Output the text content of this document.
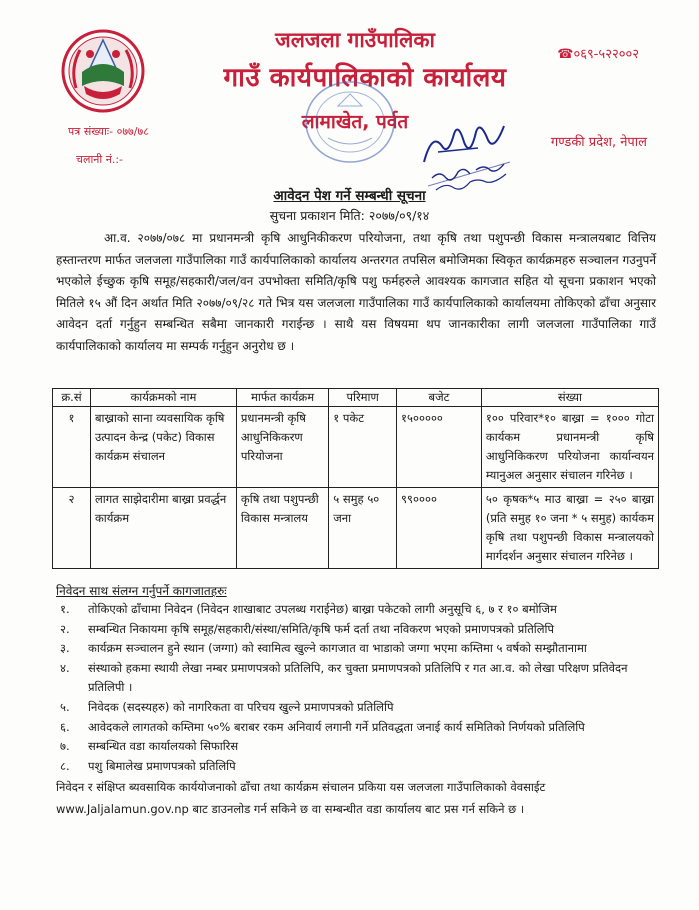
जलजला गाउँपालिका
गाउँ कार्यपालिकाको कार्यालय
लामाखेत, पर्वत
☎०६९-५२२००२
गण्डकी प्रदेश, नेपाल
पत्र संख्याः- ०७७/७८
चलानी नं.:-
आवेदन पेश गर्ने सम्बन्धी सूचना
सुचना प्रकाशन मिति: २०७७/०९/१४
आ.व. २०७७/०७८ मा प्रधानमन्त्री कृषि आधुनिकीकरण परियोजना, तथा कृषि तथा पशुपन्छी विकास मन्त्रालयबाट वित्तिय हस्तान्तरण मार्फत जलजला गाउँपालिका गाउँ कार्यपालिकाको कार्यालय अन्तरगत तपसिल बमोजिमका स्विकृत कार्यक्रमहरु सञ्चालन गउनुपर्ने भएकोले ईच्छुक कृषि समूह/सहकारी/जल/वन उपभोक्ता समिति/कृषि पशु फर्महरुले आवश्यक कागजात सहित यो सूचना प्रकाशन भएको मितिले १५ औं दिन अर्थात मिति २०७७/०९/२८ गते भित्र यस जलजला गाउँपालिका गाउँ कार्यपालिकाको कार्यालयमा तोकिएको ढाँचा अनुसार आवेदन दर्ता गर्नुहुन सम्बन्धित सबैमा जानकारी गराईन्छ । साथै यस विषयमा थप जानकारीका लागी जलजला गाउँपालिका गाउँ कार्यपालिकाको कार्यालय मा सम्पर्क गर्नुहुन अनुरोध छ ।
क्र.सं	कार्यक्रमको नाम	मार्फत कार्यक्रम	परिमाण	बजेट	संख्या
१	बाख्राको साना व्यवसायिक कृषि उत्पादन केन्द्र (पकेट) विकास कार्यक्रम संचालन	प्रधानमन्त्री कृषि आधुनिकिकरण परियोजना	१ पकेट	१५०००००	१०० परिवार*१० बाख्रा = १००० गोटा कार्यकम प्रधानमन्त्री कृषि आधुनिकिकरण परियोजना कार्यान्वयन म्यानुअल अनुसार संचालन गरिनेछ ।
२	लागत साझेदारीमा बाख्रा प्रवर्द्धन कार्यक्रम	कृषि तथा पशुपन्छी विकास मन्त्रालय	५ समुह ५० जना	९९००००	५० कृषक*५ माउ बाख्रा = २५० बाख्रा (प्रति समुह १० जना * ५ समुह) कार्यकम कृषि तथा पशुपन्छी विकास मन्त्रालयको मार्गदर्शन अनुसार संचालन गरिनेछ ।
निवेदन साथ संलग्न गर्नुपर्ने कागजातहरुः
१.	तोकिएको ढाँचामा निवेदन (निवेदन शाखाबाट उपलब्ध गराईनेछ) बाख्रा पकेटको लागी अनुसूचि ६, ७ र १० बमोजिम
२.	सम्बन्धित निकायमा कृषि समूह/सहकारी/संस्था/समिति/कृषि फर्म दर्ता तथा नविकरण भएको प्रमाणपत्रको प्रतिलिपि
३.	कार्यक्रम सञ्चालन हुने स्थान (जग्गा) को स्वामित्व खुल्ने कागजात वा भाडाको जग्गा भएमा कम्तिमा ५ वर्षको सम्झौतानामा
४.	संस्थाको हकमा स्थायी लेखा नम्बर प्रमाणपत्रको प्रतिलिपि, कर चुक्ता प्रमाणपत्रको प्रतिलिपि र गत आ.व. को लेखा परिक्षण प्रतिवेदन प्रतिलिपी ।
५.	निवेदक (सदस्यहरु) को नागरिकता वा परिचय खुल्ने प्रमाणपत्रको प्रतिलिपि
६.	आवेदकले लागतको कम्तिमा ५०% बराबर रकम अनिवार्य लगानी गर्ने प्रतिवद्धता जनाई कार्य समितिको निर्णयको प्रतिलिपि
७.	सम्बन्धित वडा कार्यालयको सिफारिस
८.	पशु बिमालेख प्रमाणपत्रको प्रतिलिपि
निवेदन र संक्षिप्त ब्यवसायिक कार्ययोजनाको ढाँचा तथा कार्यक्रम संचालन प्रकिया यस जलजला गाउँपालिकाको वेवसाईट
www.Jaljalamun.gov.np बाट डाउनलोड गर्न सकिने छ वा सम्बन्धीत वडा कार्यालय बाट प्रस गर्न सकिने छ ।
